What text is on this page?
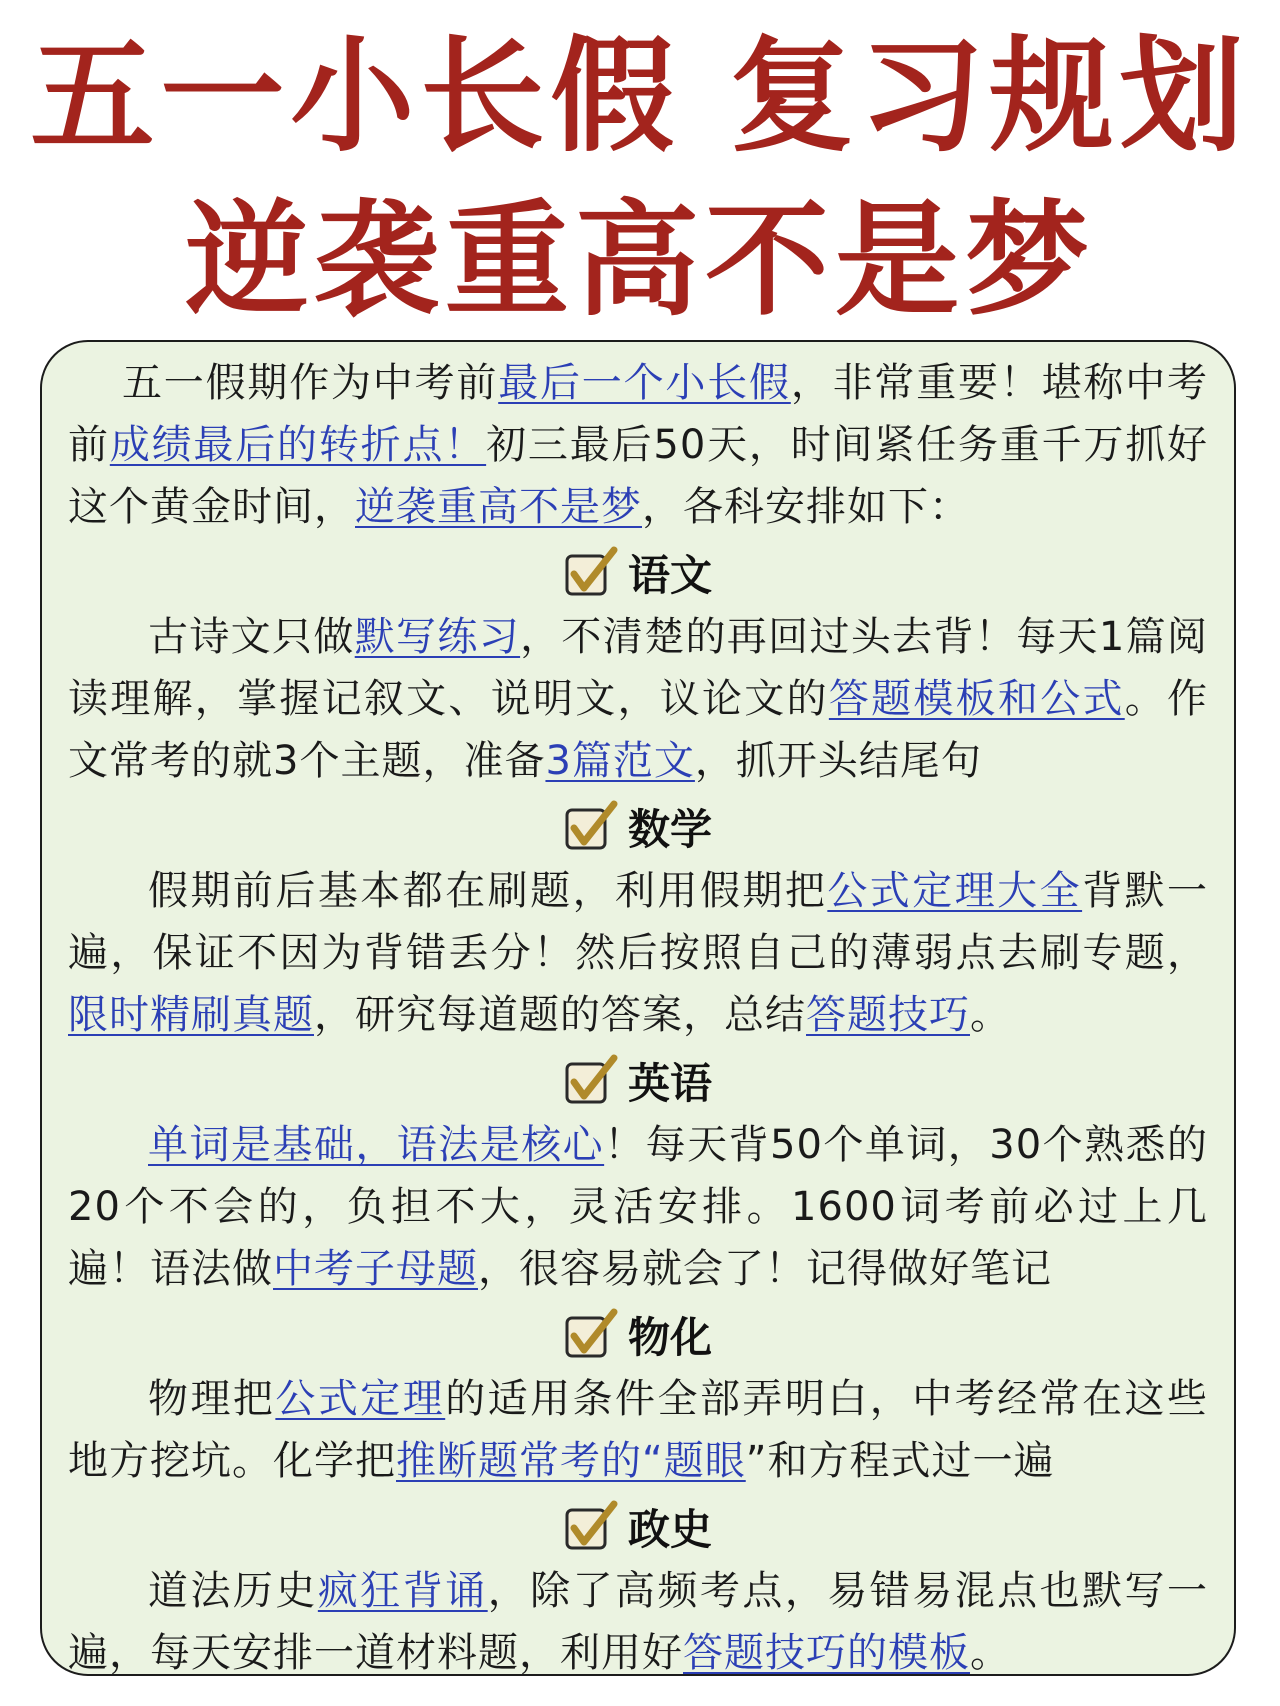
五一小长假 复习规划
逆袭重高不是梦

五一假期作为中考前最后一个小长假，非常重要！堪称中考前成绩最后的转折点！初三最后50天，时间紧任务重千万抓好这个黄金时间，逆袭重高不是梦，各科安排如下：

语文

古诗文只做默写练习，不清楚的再回过头去背！每天1篇阅读理解，掌握记叙文、说明文，议论文的答题模板和公式。作文常考的就3个主题，准备3篇范文，抓开头结尾句

数学

假期前后基本都在刷题，利用假期把公式定理大全背默一遍，保证不因为背错丢分！然后按照自己的薄弱点去刷专题，限时精刷真题，研究每道题的答案，总结答题技巧。

英语

单词是基础，语法是核心！每天背50个单词，30个熟悉的20个不会的，负担不大，灵活安排。1600词考前必过上几遍！语法做中考子母题，很容易就会了！记得做好笔记

物化

物理把公式定理的适用条件全部弄明白，中考经常在这些地方挖坑。化学把推断题常考的“题眼”和方程式过一遍

政史

道法历史疯狂背诵，除了高频考点，易错易混点也默写一遍，每天安排一道材料题，利用好答题技巧的模板。
